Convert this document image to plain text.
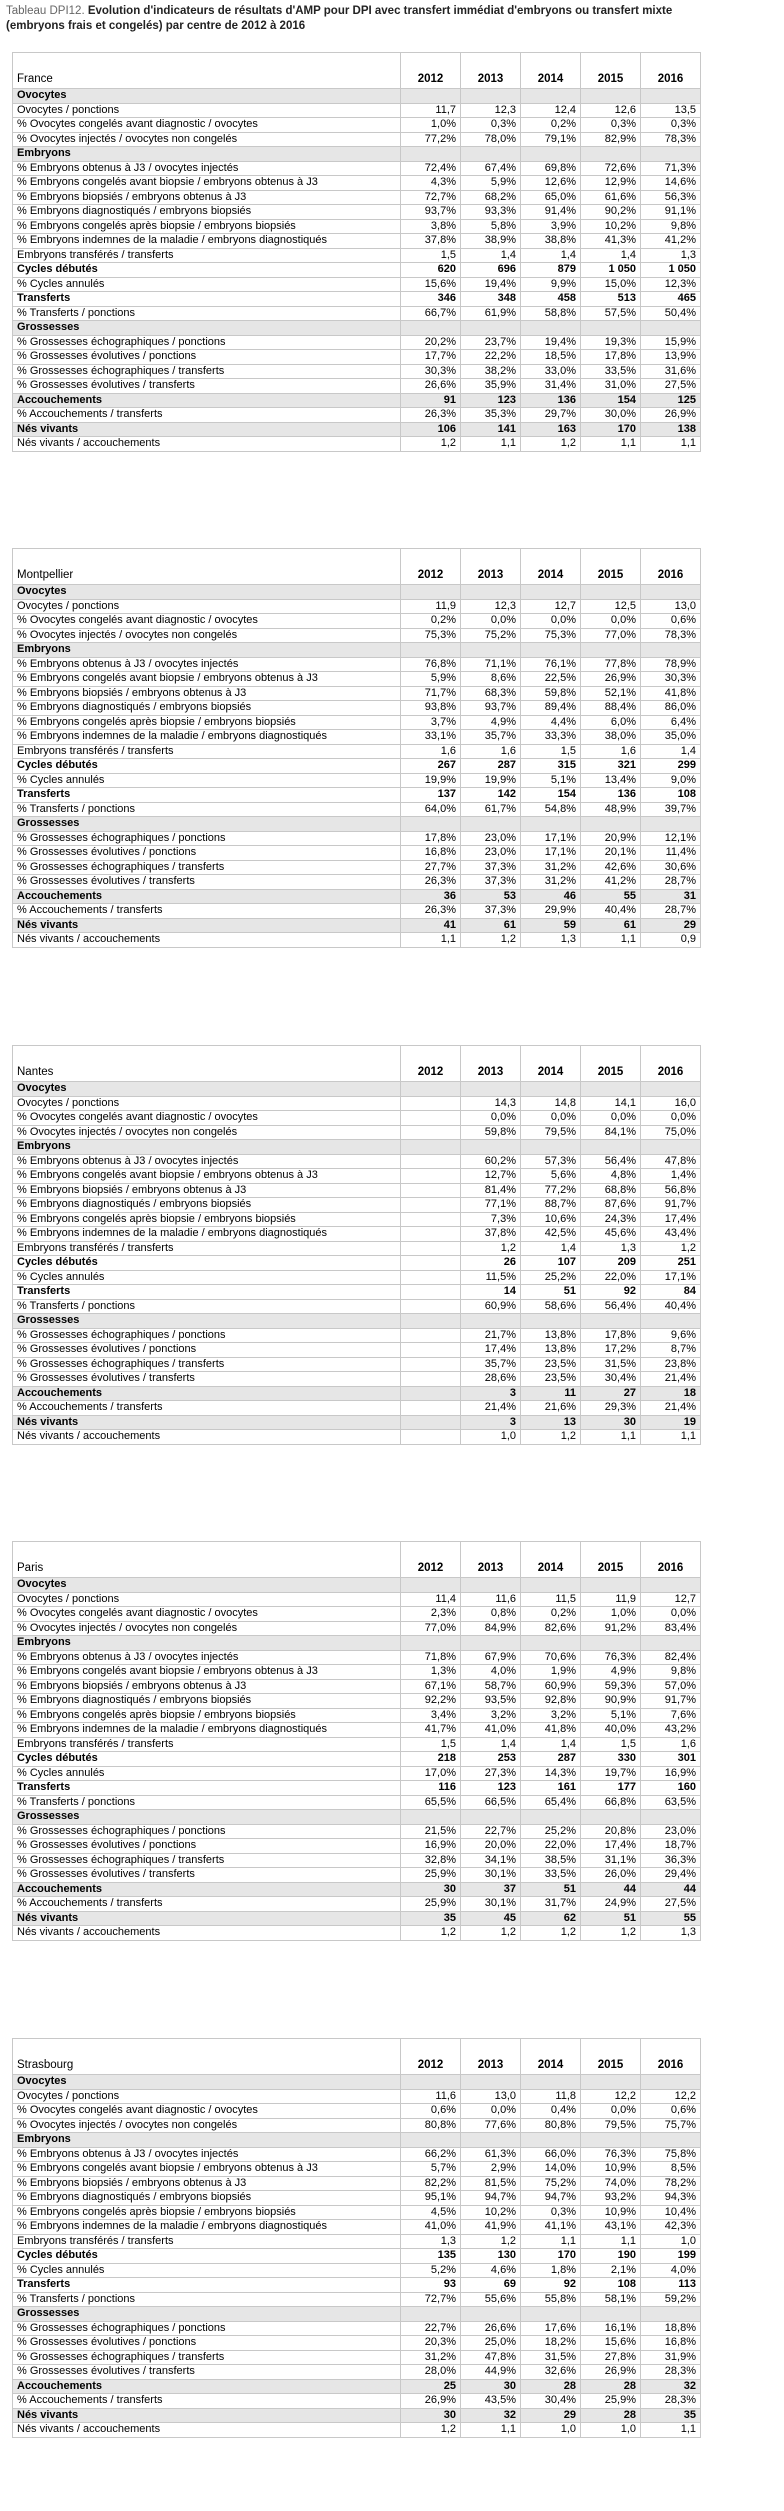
Tableau DPI12. Evolution d'indicateurs de résultats d'AMP pour DPI avec transfert immédiat d'embryons ou transfert mixte
(embryons frais et congelés) par centre de 2012 à 2016
France	2012	2013	2014	2015	2016
Ovocytes					
Ovocytes / ponctions	11,7	12,3	12,4	12,6	13,5
% Ovocytes congelés avant diagnostic / ovocytes	1,0%	0,3%	0,2%	0,3%	0,3%
% Ovocytes injectés / ovocytes non congelés	77,2%	78,0%	79,1%	82,9%	78,3%
Embryons					
% Embryons obtenus à J3 / ovocytes injectés	72,4%	67,4%	69,8%	72,6%	71,3%
% Embryons congelés avant biopsie / embryons obtenus à J3	4,3%	5,9%	12,6%	12,9%	14,6%
% Embryons biopsiés / embryons obtenus à J3	72,7%	68,2%	65,0%	61,6%	56,3%
% Embryons diagnostiqués / embryons biopsiés	93,7%	93,3%	91,4%	90,2%	91,1%
% Embryons congelés après biopsie / embryons biopsiés	3,8%	5,8%	3,9%	10,2%	9,8%
% Embryons indemnes de la maladie / embryons diagnostiqués	37,8%	38,9%	38,8%	41,3%	41,2%
Embryons transférés / transferts	1,5	1,4	1,4	1,4	1,3
Cycles débutés	620	696	879	1 050	1 050
% Cycles annulés	15,6%	19,4%	9,9%	15,0%	12,3%
Transferts	346	348	458	513	465
% Transferts / ponctions	66,7%	61,9%	58,8%	57,5%	50,4%
Grossesses					
% Grossesses échographiques / ponctions	20,2%	23,7%	19,4%	19,3%	15,9%
% Grossesses évolutives / ponctions	17,7%	22,2%	18,5%	17,8%	13,9%
% Grossesses échographiques / transferts	30,3%	38,2%	33,0%	33,5%	31,6%
% Grossesses évolutives / transferts	26,6%	35,9%	31,4%	31,0%	27,5%
Accouchements	91	123	136	154	125
% Accouchements / transferts	26,3%	35,3%	29,7%	30,0%	26,9%
Nés vivants	106	141	163	170	138
Nés vivants / accouchements	1,2	1,1	1,2	1,1	1,1
Montpellier	2012	2013	2014	2015	2016
Ovocytes					
Ovocytes / ponctions	11,9	12,3	12,7	12,5	13,0
% Ovocytes congelés avant diagnostic / ovocytes	0,2%	0,0%	0,0%	0,0%	0,6%
% Ovocytes injectés / ovocytes non congelés	75,3%	75,2%	75,3%	77,0%	78,3%
Embryons					
% Embryons obtenus à J3 / ovocytes injectés	76,8%	71,1%	76,1%	77,8%	78,9%
% Embryons congelés avant biopsie / embryons obtenus à J3	5,9%	8,6%	22,5%	26,9%	30,3%
% Embryons biopsiés / embryons obtenus à J3	71,7%	68,3%	59,8%	52,1%	41,8%
% Embryons diagnostiqués / embryons biopsiés	93,8%	93,7%	89,4%	88,4%	86,0%
% Embryons congelés après biopsie / embryons biopsiés	3,7%	4,9%	4,4%	6,0%	6,4%
% Embryons indemnes de la maladie / embryons diagnostiqués	33,1%	35,7%	33,3%	38,0%	35,0%
Embryons transférés / transferts	1,6	1,6	1,5	1,6	1,4
Cycles débutés	267	287	315	321	299
% Cycles annulés	19,9%	19,9%	5,1%	13,4%	9,0%
Transferts	137	142	154	136	108
% Transferts / ponctions	64,0%	61,7%	54,8%	48,9%	39,7%
Grossesses					
% Grossesses échographiques / ponctions	17,8%	23,0%	17,1%	20,9%	12,1%
% Grossesses évolutives / ponctions	16,8%	23,0%	17,1%	20,1%	11,4%
% Grossesses échographiques / transferts	27,7%	37,3%	31,2%	42,6%	30,6%
% Grossesses évolutives / transferts	26,3%	37,3%	31,2%	41,2%	28,7%
Accouchements	36	53	46	55	31
% Accouchements / transferts	26,3%	37,3%	29,9%	40,4%	28,7%
Nés vivants	41	61	59	61	29
Nés vivants / accouchements	1,1	1,2	1,3	1,1	0,9
Nantes	2012	2013	2014	2015	2016
Ovocytes					
Ovocytes / ponctions		14,3	14,8	14,1	16,0
% Ovocytes congelés avant diagnostic / ovocytes		0,0%	0,0%	0,0%	0,0%
% Ovocytes injectés / ovocytes non congelés		59,8%	79,5%	84,1%	75,0%
Embryons					
% Embryons obtenus à J3 / ovocytes injectés		60,2%	57,3%	56,4%	47,8%
% Embryons congelés avant biopsie / embryons obtenus à J3		12,7%	5,6%	4,8%	1,4%
% Embryons biopsiés / embryons obtenus à J3		81,4%	77,2%	68,8%	56,8%
% Embryons diagnostiqués / embryons biopsiés		77,1%	88,7%	87,6%	91,7%
% Embryons congelés après biopsie / embryons biopsiés		7,3%	10,6%	24,3%	17,4%
% Embryons indemnes de la maladie / embryons diagnostiqués		37,8%	42,5%	45,6%	43,4%
Embryons transférés / transferts		1,2	1,4	1,3	1,2
Cycles débutés		26	107	209	251
% Cycles annulés		11,5%	25,2%	22,0%	17,1%
Transferts		14	51	92	84
% Transferts / ponctions		60,9%	58,6%	56,4%	40,4%
Grossesses					
% Grossesses échographiques / ponctions		21,7%	13,8%	17,8%	9,6%
% Grossesses évolutives / ponctions		17,4%	13,8%	17,2%	8,7%
% Grossesses échographiques / transferts		35,7%	23,5%	31,5%	23,8%
% Grossesses évolutives / transferts		28,6%	23,5%	30,4%	21,4%
Accouchements		3	11	27	18
% Accouchements / transferts		21,4%	21,6%	29,3%	21,4%
Nés vivants		3	13	30	19
Nés vivants / accouchements		1,0	1,2	1,1	1,1
Paris	2012	2013	2014	2015	2016
Ovocytes					
Ovocytes / ponctions	11,4	11,6	11,5	11,9	12,7
% Ovocytes congelés avant diagnostic / ovocytes	2,3%	0,8%	0,2%	1,0%	0,0%
% Ovocytes injectés / ovocytes non congelés	77,0%	84,9%	82,6%	91,2%	83,4%
Embryons					
% Embryons obtenus à J3 / ovocytes injectés	71,8%	67,9%	70,6%	76,3%	82,4%
% Embryons congelés avant biopsie / embryons obtenus à J3	1,3%	4,0%	1,9%	4,9%	9,8%
% Embryons biopsiés / embryons obtenus à J3	67,1%	58,7%	60,9%	59,3%	57,0%
% Embryons diagnostiqués / embryons biopsiés	92,2%	93,5%	92,8%	90,9%	91,7%
% Embryons congelés après biopsie / embryons biopsiés	3,4%	3,2%	3,2%	5,1%	7,6%
% Embryons indemnes de la maladie / embryons diagnostiqués	41,7%	41,0%	41,8%	40,0%	43,2%
Embryons transférés / transferts	1,5	1,4	1,4	1,5	1,6
Cycles débutés	218	253	287	330	301
% Cycles annulés	17,0%	27,3%	14,3%	19,7%	16,9%
Transferts	116	123	161	177	160
% Transferts / ponctions	65,5%	66,5%	65,4%	66,8%	63,5%
Grossesses					
% Grossesses échographiques / ponctions	21,5%	22,7%	25,2%	20,8%	23,0%
% Grossesses évolutives / ponctions	16,9%	20,0%	22,0%	17,4%	18,7%
% Grossesses échographiques / transferts	32,8%	34,1%	38,5%	31,1%	36,3%
% Grossesses évolutives / transferts	25,9%	30,1%	33,5%	26,0%	29,4%
Accouchements	30	37	51	44	44
% Accouchements / transferts	25,9%	30,1%	31,7%	24,9%	27,5%
Nés vivants	35	45	62	51	55
Nés vivants / accouchements	1,2	1,2	1,2	1,2	1,3
Strasbourg	2012	2013	2014	2015	2016
Ovocytes					
Ovocytes / ponctions	11,6	13,0	11,8	12,2	12,2
% Ovocytes congelés avant diagnostic / ovocytes	0,6%	0,0%	0,4%	0,0%	0,6%
% Ovocytes injectés / ovocytes non congelés	80,8%	77,6%	80,8%	79,5%	75,7%
Embryons					
% Embryons obtenus à J3 / ovocytes injectés	66,2%	61,3%	66,0%	76,3%	75,8%
% Embryons congelés avant biopsie / embryons obtenus à J3	5,7%	2,9%	14,0%	10,9%	8,5%
% Embryons biopsiés / embryons obtenus à J3	82,2%	81,5%	75,2%	74,0%	78,2%
% Embryons diagnostiqués / embryons biopsiés	95,1%	94,7%	94,7%	93,2%	94,3%
% Embryons congelés après biopsie / embryons biopsiés	4,5%	10,2%	0,3%	10,9%	10,4%
% Embryons indemnes de la maladie / embryons diagnostiqués	41,0%	41,9%	41,1%	43,1%	42,3%
Embryons transférés / transferts	1,3	1,2	1,1	1,1	1,0
Cycles débutés	135	130	170	190	199
% Cycles annulés	5,2%	4,6%	1,8%	2,1%	4,0%
Transferts	93	69	92	108	113
% Transferts / ponctions	72,7%	55,6%	55,8%	58,1%	59,2%
Grossesses					
% Grossesses échographiques / ponctions	22,7%	26,6%	17,6%	16,1%	18,8%
% Grossesses évolutives / ponctions	20,3%	25,0%	18,2%	15,6%	16,8%
% Grossesses échographiques / transferts	31,2%	47,8%	31,5%	27,8%	31,9%
% Grossesses évolutives / transferts	28,0%	44,9%	32,6%	26,9%	28,3%
Accouchements	25	30	28	28	32
% Accouchements / transferts	26,9%	43,5%	30,4%	25,9%	28,3%
Nés vivants	30	32	29	28	35
Nés vivants / accouchements	1,2	1,1	1,0	1,0	1,1
